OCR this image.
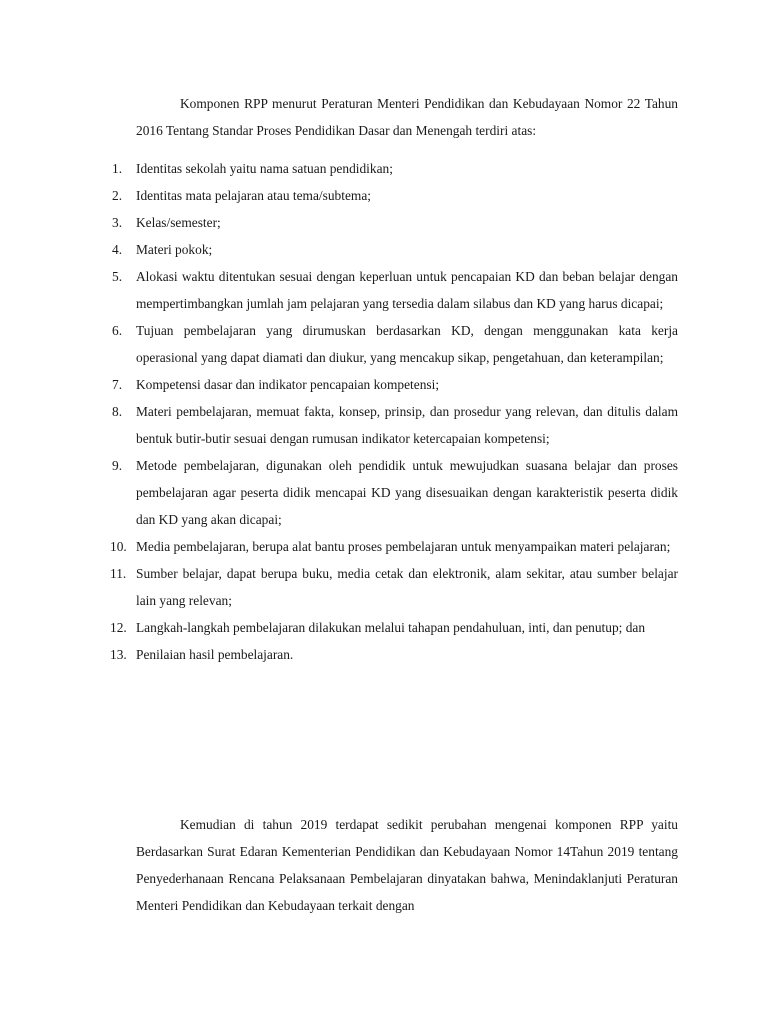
Komponen RPP menurut Peraturan Menteri Pendidikan dan Kebudayaan Nomor 22 Tahun 2016 Tentang Standar Proses Pendidikan Dasar dan Menengah terdiri atas:

1.	Identitas sekolah yaitu nama satuan pendidikan;
2.	Identitas mata pelajaran atau tema/subtema;
3.	Kelas/semester;
4.	Materi pokok;
5.	Alokasi waktu ditentukan sesuai dengan keperluan untuk pencapaian KD dan beban belajar dengan mempertimbangkan jumlah jam pelajaran yang tersedia dalam silabus dan KD yang harus dicapai;
6.	Tujuan pembelajaran yang dirumuskan berdasarkan KD, dengan menggunakan kata kerja operasional yang dapat diamati dan diukur, yang mencakup sikap, pengetahuan, dan keterampilan;
7.	Kompetensi dasar dan indikator pencapaian kompetensi;
8.	Materi pembelajaran, memuat fakta, konsep, prinsip, dan prosedur yang relevan, dan ditulis dalam bentuk butir-butir sesuai dengan rumusan indikator ketercapaian kompetensi;
9.	Metode pembelajaran, digunakan oleh pendidik untuk mewujudkan suasana belajar dan proses pembelajaran agar peserta didik mencapai KD yang disesuaikan dengan karakteristik peserta didik dan KD yang akan dicapai;
10. Media pembelajaran, berupa alat bantu proses pembelajaran untuk menyampaikan materi pelajaran;
11. Sumber belajar, dapat berupa buku, media cetak dan elektronik, alam sekitar, atau sumber belajar lain yang relevan;
12. Langkah-langkah pembelajaran dilakukan melalui tahapan pendahuluan, inti, dan penutup; dan
13. Penilaian hasil pembelajaran.

Kemudian di tahun 2019 terdapat sedikit perubahan mengenai komponen RPP yaitu Berdasarkan Surat Edaran Kementerian Pendidikan dan Kebudayaan Nomor 14Tahun 2019 tentang Penyederhanaan Rencana Pelaksanaan Pembelajaran dinyatakan bahwa, Menindaklanjuti Peraturan Menteri Pendidikan dan Kebudayaan terkait dengan
